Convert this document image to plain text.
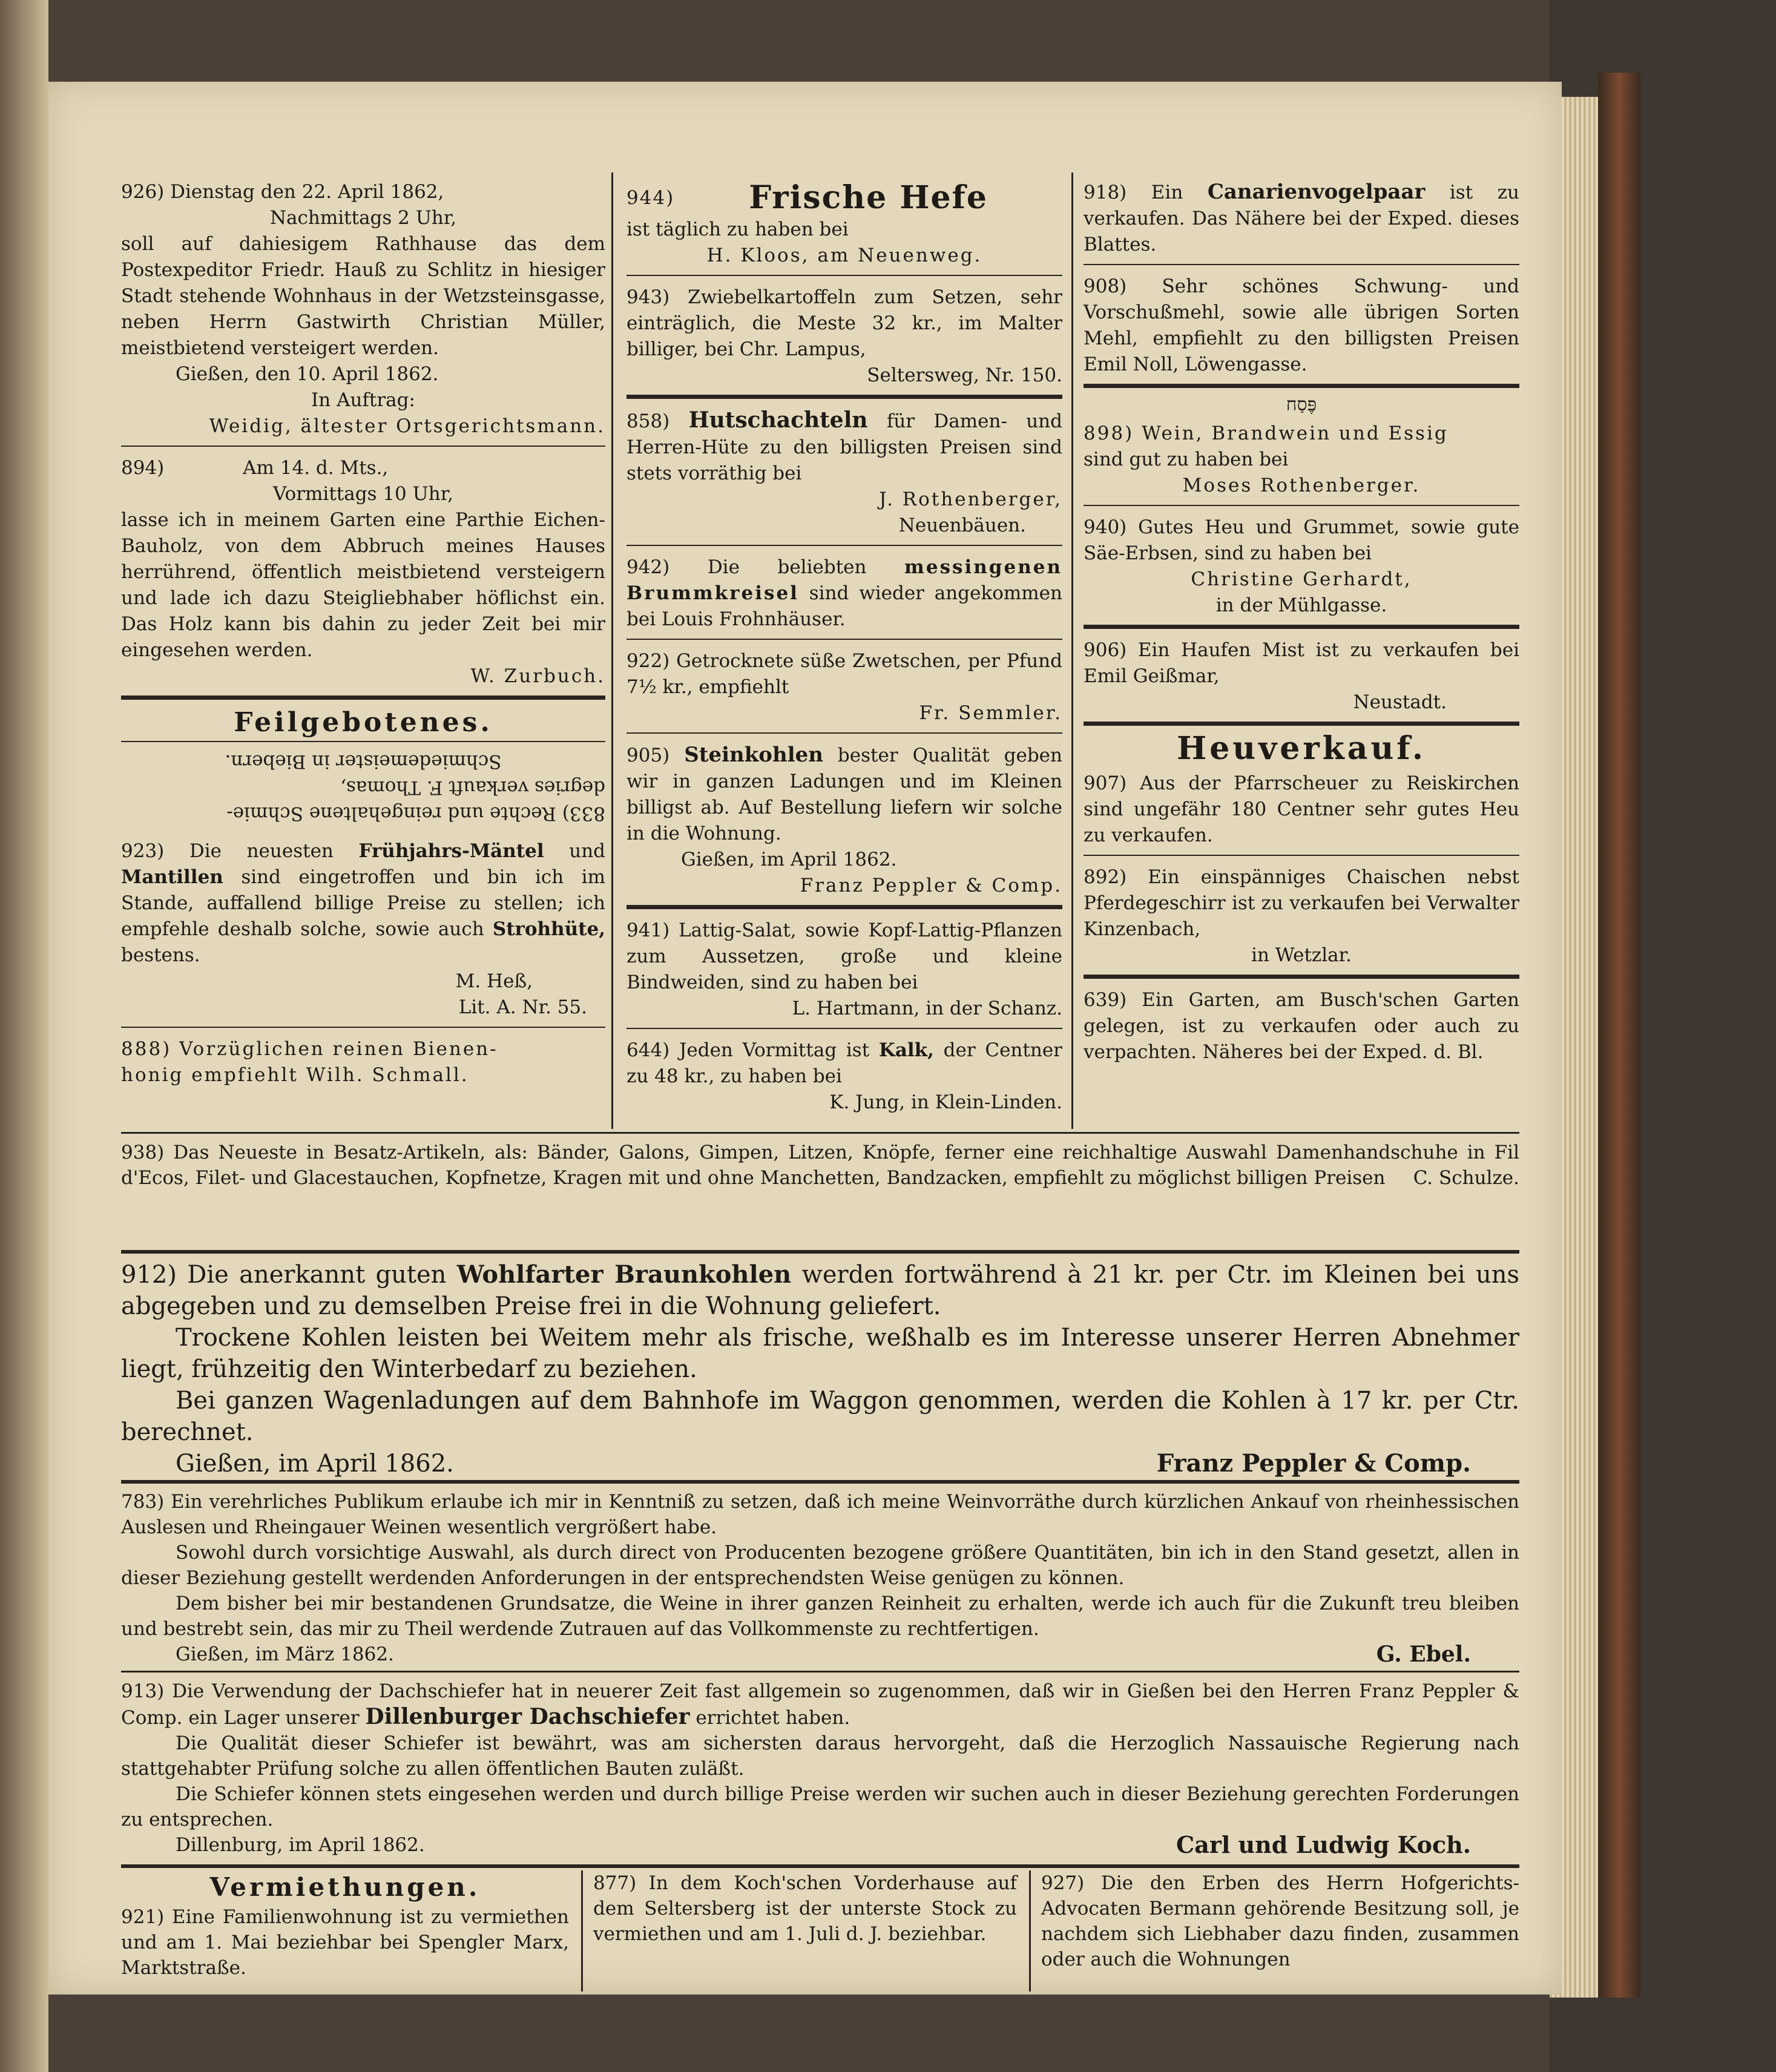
926) Dienstag den 22. April 1862,

Nachmittags 2 Uhr,

soll auf dahiesigem Rathhause das dem Postexpeditor Friedr. Hauß zu Schlitz in hiesiger Stadt stehende Wohnhaus in der Wetzsteinsgasse, neben Herrn Gastwirth Christian Müller, meistbietend versteigert werden.

Gießen, den 10. April 1862.

In Auftrag:

Weidig, ältester Ortsgerichtsmann.

894)	Am 14. d. Mts.,

Vormittags 10 Uhr,

lasse ich in meinem Garten eine Parthie Eichen-Bauholz, von dem Abbruch meines Hauses herrührend, öffentlich meistbietend versteigern und lade ich dazu Steigliebhaber höflichst ein. Das Holz kann bis dahin zu jeder Zeit bei mir eingesehen werden.

W. Zurbuch.

Feilgebotenes.

833) Rechte und reingehaltene Schmie-

degries verkauft F. Thomas,

Schmiedemeister in Biebern.

923) Die neuesten Frühjahrs-Mäntel und Mantillen sind eingetroffen und bin ich im Stande, auffallend billige Preise zu stellen; ich empfehle deshalb solche, sowie auch Strohhüte, bestens.

M. Heß,

Lit. A. Nr. 55.

888) Vorzüglichen reinen Bienen-

honig empfiehlt Wilh. Schmall.

944) Frische Hefe

ist täglich zu haben bei

H. Kloos, am Neuenweg.

943) Zwiebelkartoffeln zum Setzen, sehr einträglich, die Meste 32 kr., im Malter billiger, bei Chr. Lampus,

Seltersweg, Nr. 150.

858) Hutschachteln für Damen- und Herren-Hüte zu den billigsten Preisen sind stets vorräthig bei

J. Rothenberger,

Neuenbäuen.

942) Die beliebten messingenen Brummkreisel sind wieder angekommen bei Louis Frohnhäuser.

922) Getrocknete süße Zwetschen, per Pfund 7½ kr., empfiehlt

Fr. Semmler.

905) Steinkohlen bester Qualität geben wir in ganzen Ladungen und im Kleinen billigst ab. Auf Bestellung liefern wir solche in die Wohnung.

Gießen, im April 1862.

Franz Peppler & Comp.

941) Lattig-Salat, sowie Kopf-Lattig-Pflanzen zum Aussetzen, große und kleine Bindweiden, sind zu haben bei

L. Hartmann, in der Schanz.

644) Jeden Vormittag ist Kalk, der Centner zu 48 kr., zu haben bei

K. Jung, in Klein-Linden.

918) Ein Canarienvogelpaar ist zu verkaufen. Das Nähere bei der Exped. dieses Blattes.

908) Sehr schönes Schwung- und Vorschußmehl, sowie alle übrigen Sorten Mehl, empfiehlt zu den billigsten Preisen Emil Noll, Löwengasse.

פֶּסַח

898) Wein, Brandwein und Essig

sind gut zu haben bei

Moses Rothenberger.

940) Gutes Heu und Grummet, sowie gute Säe-Erbsen, sind zu haben bei

Christine Gerhardt,

in der Mühlgasse.

906) Ein Haufen Mist ist zu verkaufen bei Emil Geißmar,

Neustadt.

Heuverkauf.

907) Aus der Pfarrscheuer zu Reiskirchen sind ungefähr 180 Centner sehr gutes Heu zu verkaufen.

892) Ein einspänniges Chaischen nebst Pferdegeschirr ist zu verkaufen bei Verwalter Kinzenbach,

in Wetzlar.

639) Ein Garten, am Busch'schen Garten gelegen, ist zu verkaufen oder auch zu verpachten. Näheres bei der Exped. d. Bl.

938) Das Neueste in Besatz-Artikeln, als: Bänder, Galons, Gimpen, Litzen, Knöpfe, ferner eine reichhaltige Auswahl Damenhandschuhe in Fil d'Ecos, Filet- und Glacestauchen, Kopfnetze, Kragen mit und ohne Manchetten, Bandzacken, empfiehlt zu möglichst billigen Preisen	C. Schulze.

912) Die anerkannt guten Wohlfarter Braunkohlen werden fortwährend à 21 kr. per Ctr. im Kleinen bei uns abgegeben und zu demselben Preise frei in die Wohnung geliefert.

Trockene Kohlen leisten bei Weitem mehr als frische, weßhalb es im Interesse unserer Herren Abnehmer liegt, frühzeitig den Winterbedarf zu beziehen.

Bei ganzen Wagenladungen auf dem Bahnhofe im Waggon genommen, werden die Kohlen à 17 kr. per Ctr. berechnet.

Gießen, im April 1862.	Franz Peppler & Comp.

783) Ein verehrliches Publikum erlaube ich mir in Kenntniß zu setzen, daß ich meine Weinvorräthe durch kürzlichen Ankauf von rheinhessischen Auslesen und Rheingauer Weinen wesentlich vergrößert habe.

Sowohl durch vorsichtige Auswahl, als durch direct von Producenten bezogene größere Quantitäten, bin ich in den Stand gesetzt, allen in dieser Beziehung gestellt werdenden Anforderungen in der entsprechendsten Weise genügen zu können.

Dem bisher bei mir bestandenen Grundsatze, die Weine in ihrer ganzen Reinheit zu erhalten, werde ich auch für die Zukunft treu bleiben und bestrebt sein, das mir zu Theil werdende Zutrauen auf das Vollkommenste zu rechtfertigen.

Gießen, im März 1862.	G. Ebel.

913) Die Verwendung der Dachschiefer hat in neuerer Zeit fast allgemein so zugenommen, daß wir in Gießen bei den Herren Franz Peppler & Comp. ein Lager unserer Dillenburger Dachschiefer errichtet haben.

Die Qualität dieser Schiefer ist bewährt, was am sichersten daraus hervorgeht, daß die Herzoglich Nassauische Regierung nach stattgehabter Prüfung solche zu allen öffentlichen Bauten zuläßt.

Die Schiefer können stets eingesehen werden und durch billige Preise werden wir suchen auch in dieser Beziehung gerechten Forderungen zu entsprechen.

Dillenburg, im April 1862.	Carl und Ludwig Koch.

Vermiethungen.

921) Eine Familienwohnung ist zu vermiethen und am 1. Mai beziehbar bei Spengler Marx, Marktstraße.

877) In dem Koch'schen Vorderhause auf dem Seltersberg ist der unterste Stock zu vermiethen und am 1. Juli d. J. beziehbar.

927) Die den Erben des Herrn Hofgerichts-Advocaten Bermann gehörende Besitzung soll, je nachdem sich Liebhaber dazu finden, zusammen oder auch die Wohnungen
